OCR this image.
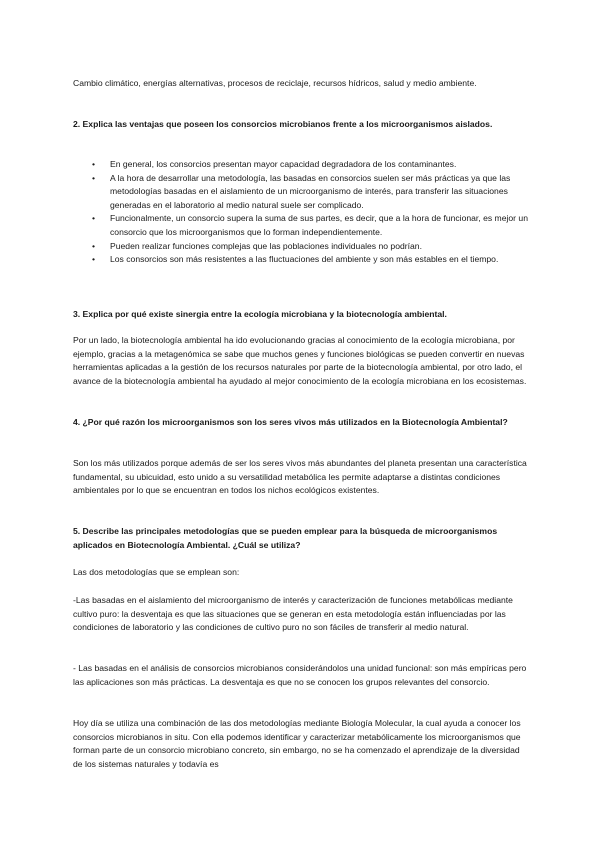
Cambio climático, energías alternativas, procesos de reciclaje, recursos hídricos, salud y medio ambiente.

2. Explica las ventajas que poseen los consorcios microbianos frente a los microorganismos aislados.

• En general, los consorcios presentan mayor capacidad degradadora de los contaminantes.
• A la hora de desarrollar una metodología, las basadas en consorcios suelen ser más prácticas ya que las metodologías basadas en el aislamiento de un microorganismo de interés, para transferir las situaciones generadas en el laboratorio al medio natural suele ser complicado.
• Funcionalmente, un consorcio supera la suma de sus partes, es decir, que a la hora de funcionar, es mejor un consorcio que los microorganismos que lo forman independientemente.
• Pueden realizar funciones complejas que las poblaciones individuales no podrían.
• Los consorcios son más resistentes a las fluctuaciones del ambiente y son más estables en el tiempo.

3. Explica por qué existe sinergia entre la ecología microbiana y la biotecnología ambiental.

Por un lado, la biotecnología ambiental ha ido evolucionando gracias al conocimiento de la ecología microbiana, por ejemplo, gracias a la metagenómica se sabe que muchos genes y funciones biológicas se pueden convertir en nuevas herramientas aplicadas a la gestión de los recursos naturales por parte de la biotecnología ambiental, por otro lado, el avance de la biotecnología ambiental ha ayudado al mejor conocimiento de la ecología microbiana en los ecosistemas.

4. ¿Por qué razón los microorganismos son los seres vivos más utilizados en la Biotecnología Ambiental?

Son los más utilizados porque además de ser los seres vivos más abundantes del planeta presentan una característica fundamental, su ubicuidad, esto unido a su versatilidad metabólica les permite adaptarse a distintas condiciones ambientales por lo que se encuentran en todos los nichos ecológicos existentes.

5. Describe las principales metodologías que se pueden emplear para la búsqueda de microorganismos aplicados en Biotecnología Ambiental. ¿Cuál se utiliza?

Las dos metodologías que se emplean son:

-Las basadas en el aislamiento del microorganismo de interés y caracterización de funciones metabólicas mediante cultivo puro: la desventaja es que las situaciones que se generan en esta metodología están influenciadas por las condiciones de laboratorio y las condiciones de cultivo puro no son fáciles de transferir al medio natural.

- Las basadas en el análisis de consorcios microbianos considerándolos una unidad funcional: son más empíricas pero las aplicaciones son más prácticas. La desventaja es que no se conocen los grupos relevantes del consorcio.

Hoy día se utiliza una combinación de las dos metodologías mediante Biología Molecular, la cual ayuda a conocer los consorcios microbianos in situ. Con ella podemos identificar y caracterizar metabólicamente los microorganismos que forman parte de un consorcio microbiano concreto, sin embargo, no se ha comenzado el aprendizaje de la diversidad de los sistemas naturales y todavía es
